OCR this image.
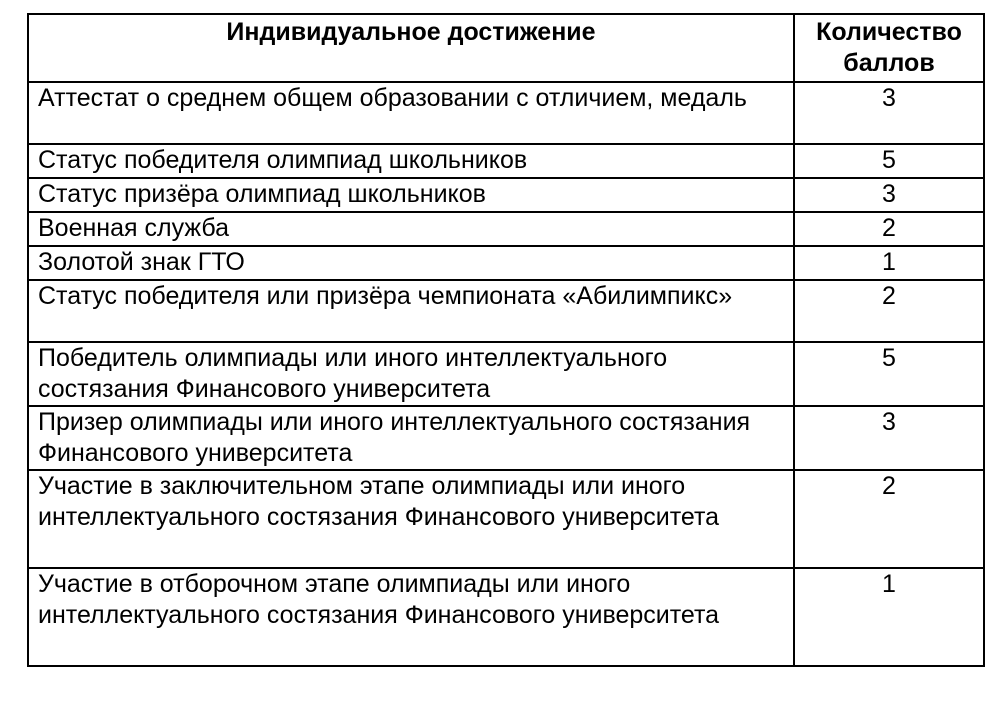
Индивидуальное достижение	Количество баллов
Аттестат о среднем общем образовании с отличием, медаль	3
Статус победителя олимпиад школьников	5
Статус призёра олимпиад школьников	3
Военная служба	2
Золотой знак ГТО	1
Статус победителя или призёра чемпионата «Абилимпикс»	2
Победитель олимпиады или иного интеллектуального состязания Финансового университета	5
Призер олимпиады или иного интеллектуального состязания Финансового университета	3
Участие в заключительном этапе олимпиады или иного интеллектуального состязания Финансового университета	2
Участие в отборочном этапе олимпиады или иного интеллектуального состязания Финансового университета	1
